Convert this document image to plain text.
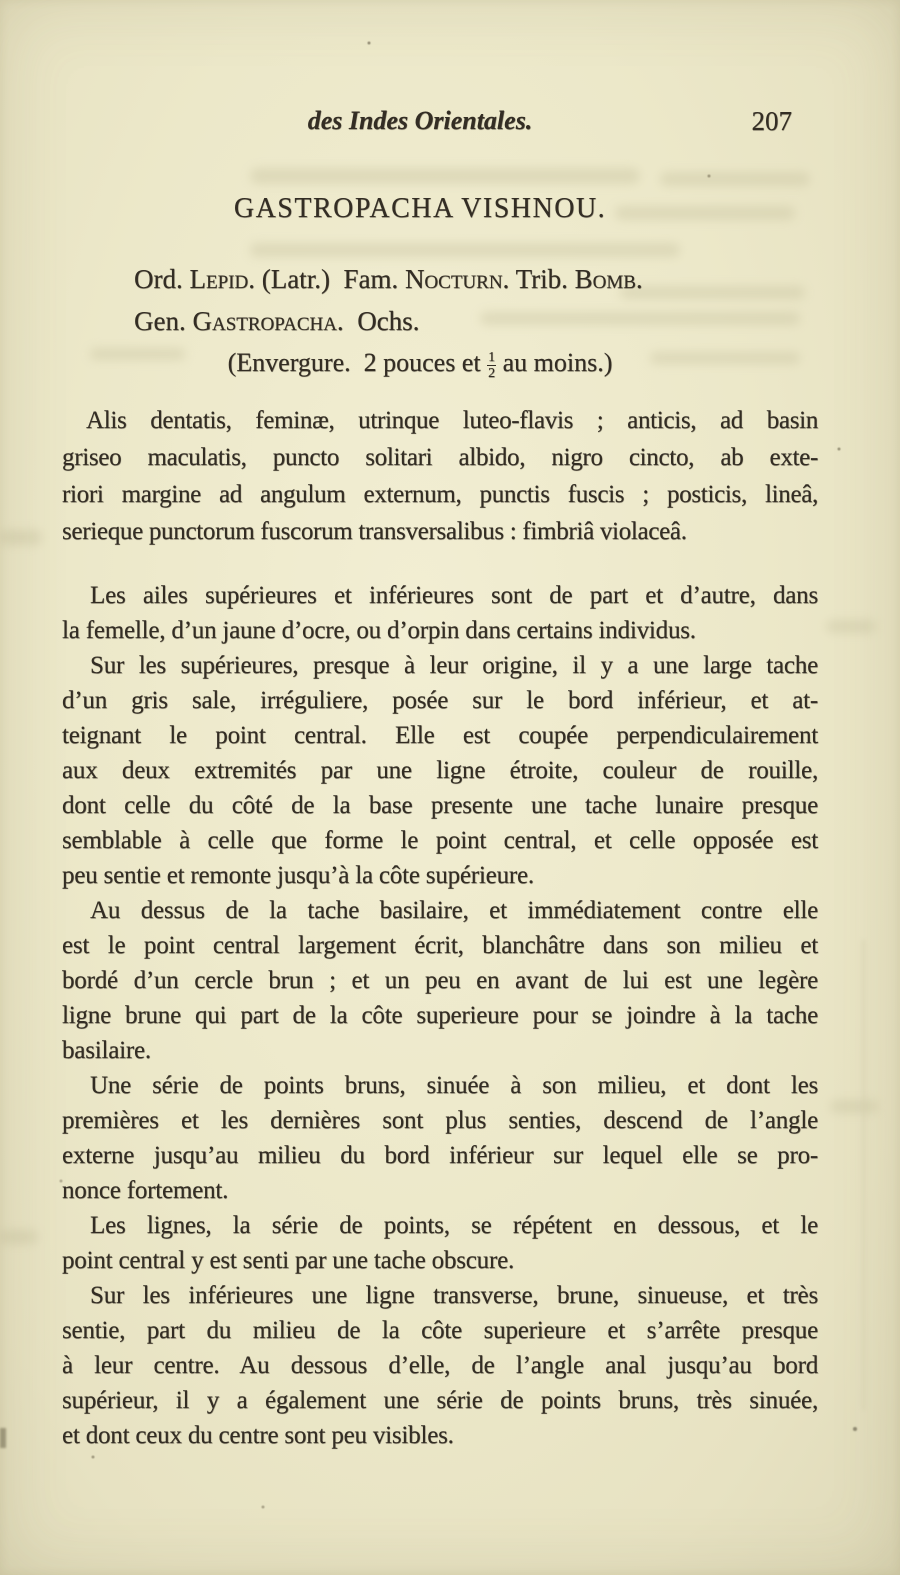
des Indes Orientales.	207
GASTROPACHA VISHNOU.
Ord. Lepid. (Latr.)  Fam. Nocturn. Trib. Bomb.
Gen. Gastropacha.  Ochs.
(Envergure.  2 pouces et $\frac{1}{2}$ au moins.)
Alis dentatis, feminæ, utrinque luteo-flavis ; anticis, ad basin
griseo maculatis, puncto solitari albido, nigro cincto, ab exte-
riori margine ad angulum externum, punctis fuscis ; posticis, lineâ,
serieque punctorum fuscorum transversalibus : fimbriâ violaceâ.
Les ailes supérieures et inférieures sont de part et d’autre, dans
la femelle, d’un jaune d’ocre, ou d’orpin dans certains individus.
Sur les supérieures, presque à leur origine, il y a une large tache
d’un gris sale, irréguliere, posée sur le bord inférieur, et at-
teignant le point central. Elle est coupée perpendiculairement
aux deux extremités par une ligne étroite, couleur de rouille,
dont celle du côté de la base presente une tache lunaire presque
semblable à celle que forme le point central, et celle opposée est
peu sentie et remonte jusqu’à la côte supérieure.
Au dessus de la tache basilaire, et immédiatement contre elle
est le point central largement écrit, blanchâtre dans son milieu et
bordé d’un cercle brun ; et un peu en avant de lui est une legère
ligne brune qui part de la côte superieure pour se joindre à la tache
basilaire.
Une série de points bruns, sinuée à son milieu, et dont les
premières et les dernières sont plus senties, descend de l’angle
externe jusqu’au milieu du bord inférieur sur lequel elle se pro-
nonce fortement.
Les lignes, la série de points, se répétent en dessous, et le
point central y est senti par une tache obscure.
Sur les inférieures une ligne transverse, brune, sinueuse, et très
sentie, part du milieu de la côte superieure et s’arrête presque
à leur centre. Au dessous d’elle, de l’angle anal jusqu’au bord
supérieur, il y a également une série de points bruns, très sinuée,
et dont ceux du centre sont peu visibles.
